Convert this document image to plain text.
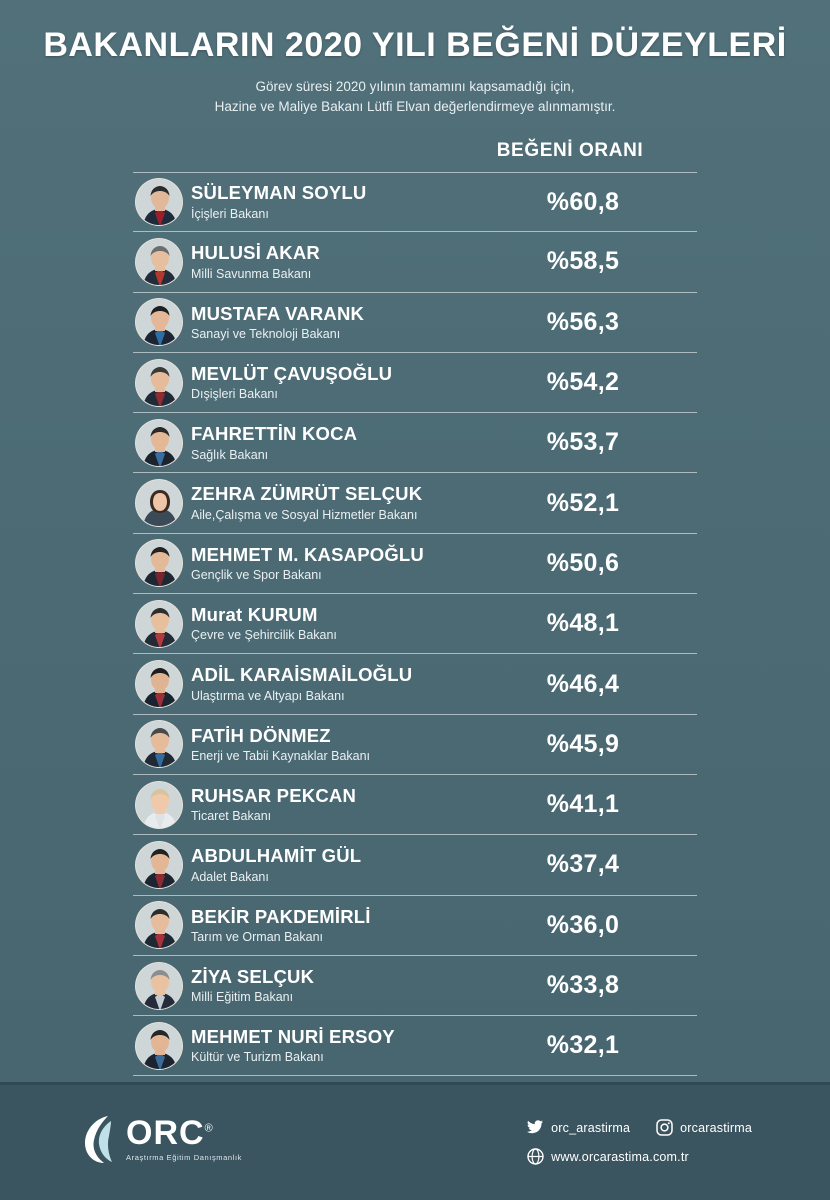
BAKANLARIN 2020 YILI BEĞENİ DÜZEYLERİ
Görev süresi 2020 yılının tamamını kapsamadığı için,
Hazine ve Maliye Bakanı Lütfi Elvan değerlendirmeye alınmamıştır.
BEĞENİ ORANI
SÜLEYMAN SOYLU
İçişleri Bakanı	%60,8
HULUSİ AKAR
Milli Savunma Bakanı	%58,5
MUSTAFA VARANK
Sanayi ve Teknoloji Bakanı	%56,3
MEVLÜT ÇAVUŞOĞLU
Dışişleri Bakanı	%54,2
FAHRETTİN KOCA
Sağlık Bakanı	%53,7
ZEHRA ZÜMRÜT SELÇUK
Aile,Çalışma ve Sosyal Hizmetler Bakanı	%52,1
MEHMET M. KASAPOĞLU
Gençlik ve Spor Bakanı	%50,6
Murat KURUM
Çevre ve Şehircilik Bakanı	%48,1
ADİL KARAİSMAİLOĞLU
Ulaştırma ve Altyapı Bakanı	%46,4
FATİH DÖNMEZ
Enerji ve Tabii Kaynaklar Bakanı	%45,9
RUHSAR PEKCAN
Ticaret Bakanı	%41,1
ABDULHAMİT GÜL
Adalet Bakanı	%37,4
BEKİR PAKDEMİRLİ
Tarım ve Orman Bakanı	%36,0
ZİYA SELÇUK
Milli Eğitim Bakanı	%33,8
MEHMET NURİ ERSOY
Kültür ve Turizm Bakanı	%32,1
ORC®
Araştırma Eğitim Danışmanlık
orc_arastirma	orcarastirma
www.orcarastima.com.tr
